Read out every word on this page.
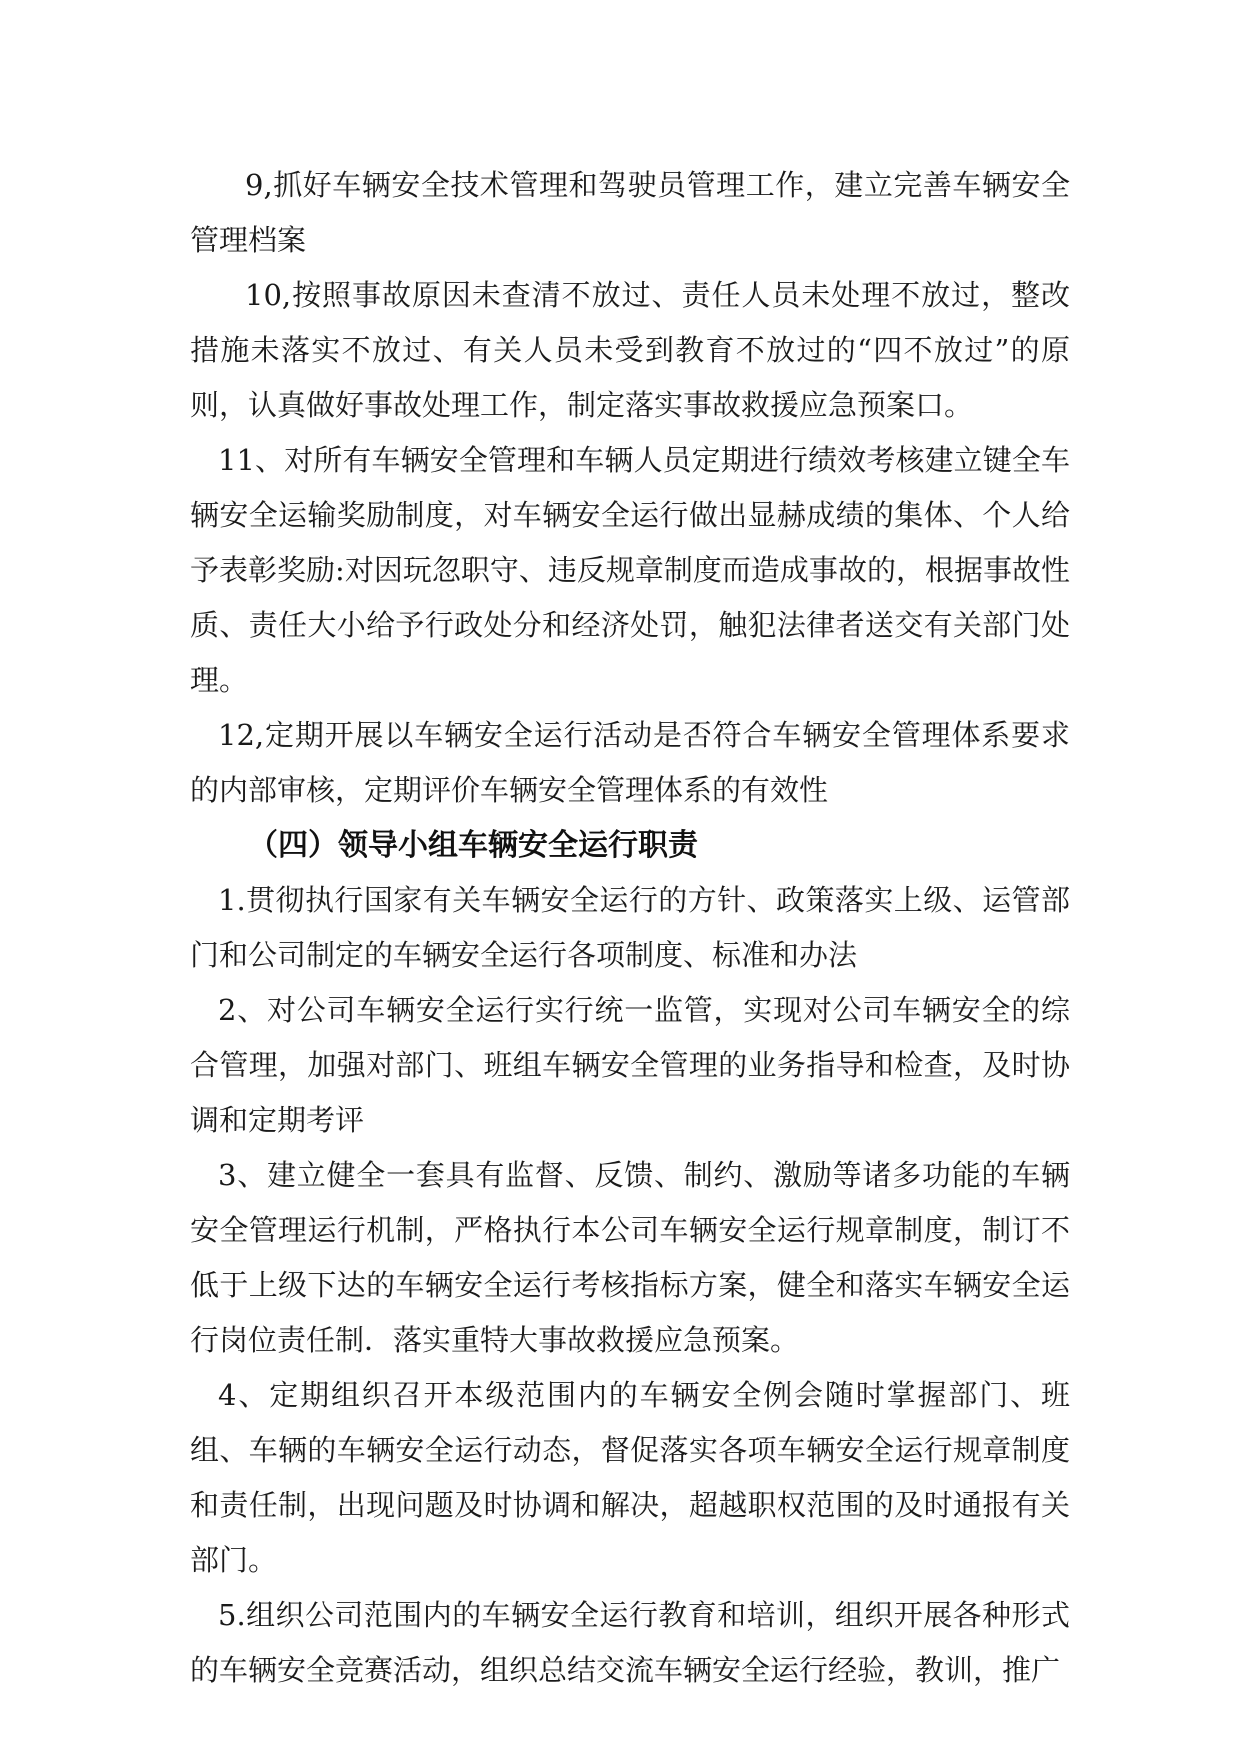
9,抓好车辆安全技术管理和驾驶员管理工作，建立完善车辆安全管理档案

10,按照事故原因未查清不放过、责任人员未处理不放过，整改措施未落实不放过、有关人员未受到教育不放过的“四不放过”的原则，认真做好事故处理工作，制定落实事故救援应急预案口。

11、对所有车辆安全管理和车辆人员定期进行绩效考核建立键全车辆安全运输奖励制度，对车辆安全运行做出显赫成绩的集体、个人给予表彰奖励:对因玩忽职守、违反规章制度而造成事故的，根据事故性质、责任大小给予行政处分和经济处罚，触犯法律者送交有关部门处理。

12,定期开展以车辆安全运行活动是否符合车辆安全管理体系要求的内部审核，定期评价车辆安全管理体系的有效性

（四）领导小组车辆安全运行职责

1.贯彻执行国家有关车辆安全运行的方针、政策落实上级、运管部门和公司制定的车辆安全运行各项制度、标准和办法

2、对公司车辆安全运行实行统一监管，实现对公司车辆安全的综合管理，加强对部门、班组车辆安全管理的业务指导和检查，及时协调和定期考评

3、建立健全一套具有监督、反馈、制约、激励等诸多功能的车辆安全管理运行机制，严格执行本公司车辆安全运行规章制度，制订不低于上级下达的车辆安全运行考核指标方案，健全和落实车辆安全运行岗位责任制．落实重特大事故救援应急预案。

4、定期组织召开本级范围内的车辆安全例会随时掌握部门、班组、车辆的车辆安全运行动态，督促落实各项车辆安全运行规章制度和责任制，出现问题及时协调和解决，超越职权范围的及时通报有关部门。

5.组织公司范围内的车辆安全运行教育和培训，组织开展各种形式的车辆安全竞赛活动，组织总结交流车辆安全运行经验，教训，推广
